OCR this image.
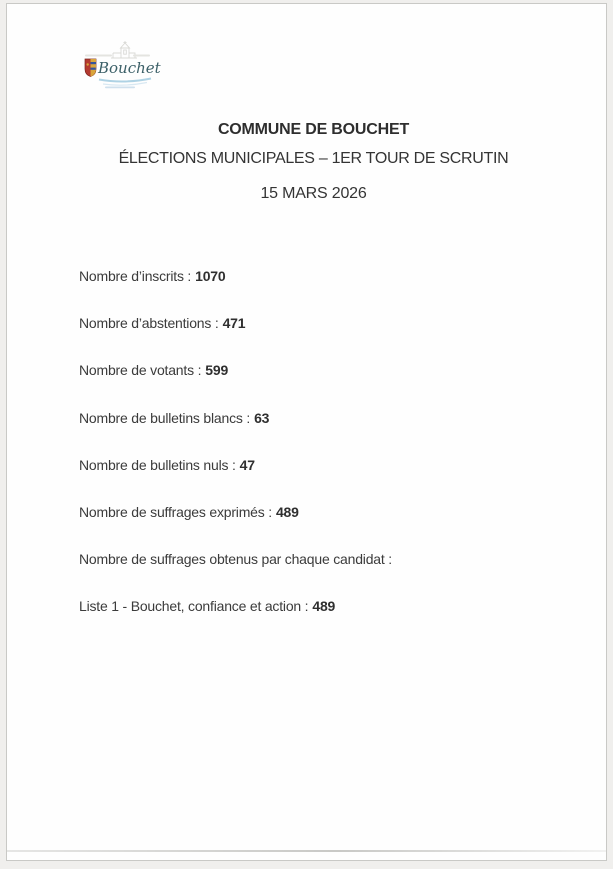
Bouchet
COMMUNE DE BOUCHET
ÉLECTIONS MUNICIPALES – 1ER TOUR DE SCRUTIN
15 MARS 2026
Nombre d’inscrits : 1070
Nombre d’abstentions : 471
Nombre de votants : 599
Nombre de bulletins blancs : 63
Nombre de bulletins nuls : 47
Nombre de suffrages exprimés : 489
Nombre de suffrages obtenus par chaque candidat :
Liste 1 - Bouchet, confiance et action : 489
